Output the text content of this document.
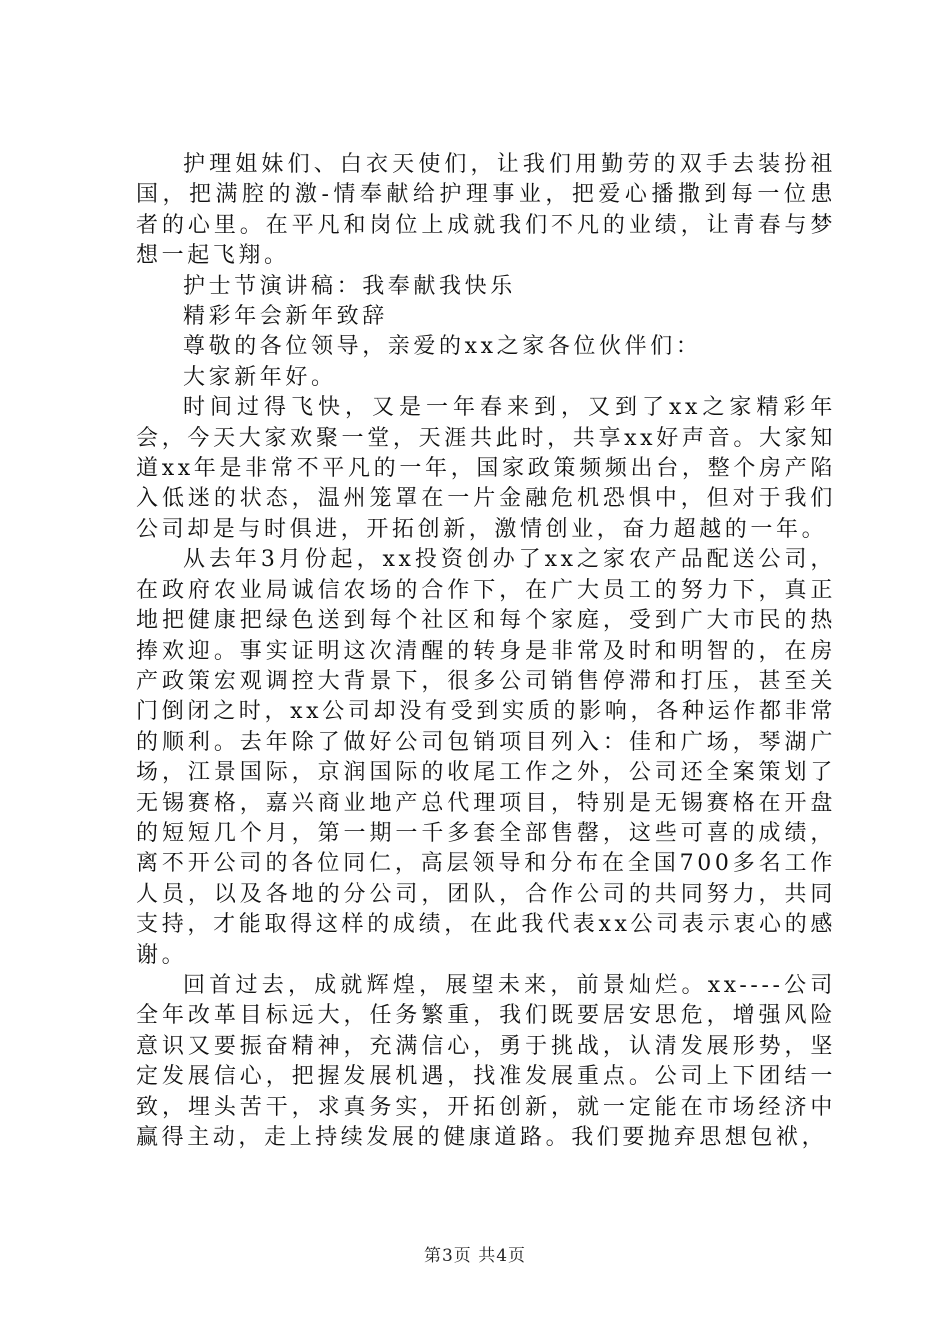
护理姐妹们、白衣天使们，让我们用勤劳的双手去装扮祖国，把满腔的激-情奉献给护理事业，把爱心播撒到每一位患者的心里。在平凡和岗位上成就我们不凡的业绩，让青春与梦想一起飞翔。

护士节演讲稿：我奉献我快乐

精彩年会新年致辞

尊敬的各位领导，亲爱的xx之家各位伙伴们：

大家新年好。

时间过得飞快，又是一年春来到，又到了xx之家精彩年会，今天大家欢聚一堂，天涯共此时，共享xx好声音。大家知道xx年是非常不平凡的一年，国家政策频频出台，整个房产陷入低迷的状态，温州笼罩在一片金融危机恐惧中，但对于我们公司却是与时俱进，开拓创新，激情创业，奋力超越的一年。

从去年3月份起，xx投资创办了xx之家农产品配送公司，在政府农业局诚信农场的合作下，在广大员工的努力下，真正地把健康把绿色送到每个社区和每个家庭，受到广大市民的热捧欢迎。事实证明这次清醒的转身是非常及时和明智的，在房产政策宏观调控大背景下，很多公司销售停滞和打压，甚至关门倒闭之时，xx公司却没有受到实质的影响，各种运作都非常的顺利。去年除了做好公司包销项目列入：佳和广场，琴湖广场，江景国际，京润国际的收尾工作之外，公司还全案策划了无锡赛格，嘉兴商业地产总代理项目，特别是无锡赛格在开盘的短短几个月，第一期一千多套全部售罄，这些可喜的成绩，离不开公司的各位同仁，高层领导和分布在全国700多名工作人员，以及各地的分公司，团队，合作公司的共同努力，共同支持，才能取得这样的成绩，在此我代表xx公司表示衷心的感谢。

回首过去，成就辉煌，展望未来，前景灿烂。xx----公司全年改革目标远大，任务繁重，我们既要居安思危，增强风险意识又要振奋精神，充满信心，勇于挑战，认清发展形势，坚定发展信心，把握发展机遇，找准发展重点。公司上下团结一致，埋头苦干，求真务实，开拓创新，就一定能在市场经济中赢得主动，走上持续发展的健康道路。我们要抛弃思想包袱，

第3页 共4页
